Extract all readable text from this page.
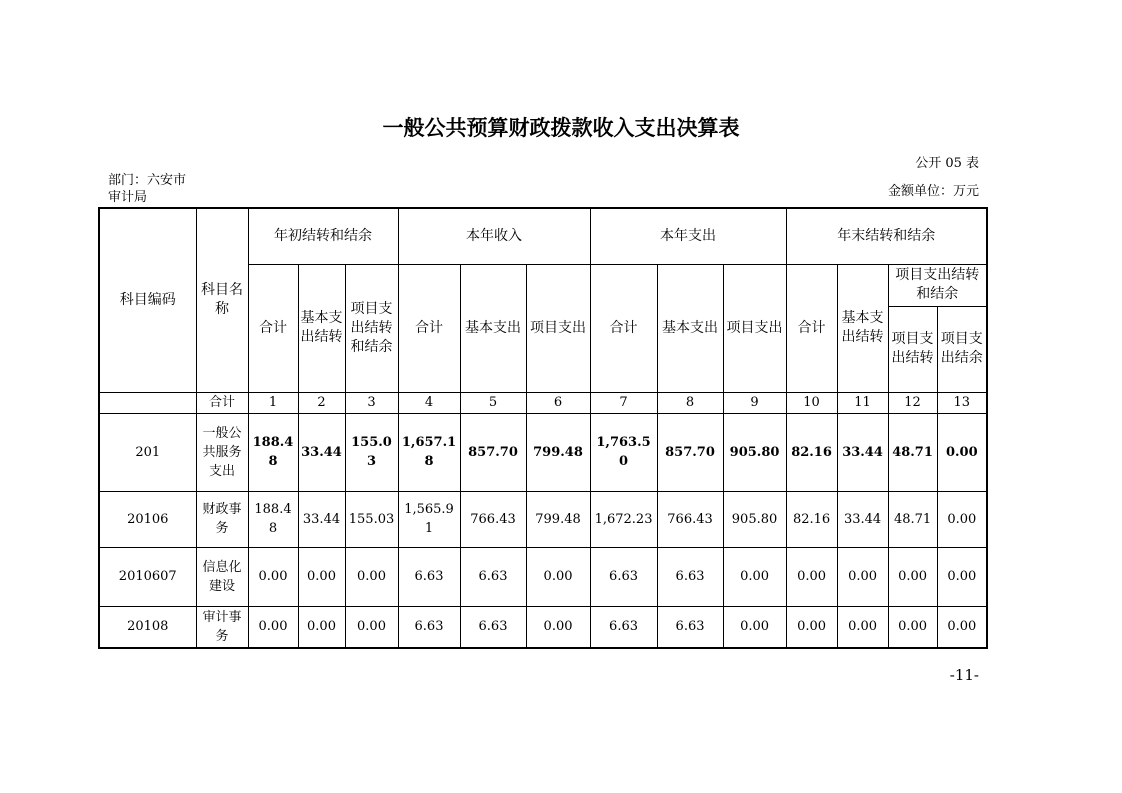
一般公共预算财政拨款收入支出决算表
公开 05 表
部门：六安市审计局	金额单位：万元
科目编码	科目名称	年初结转和结余			本年收入			本年支出			年末结转和结余			
		合计	基本支出结转	项目支出结转和结余	合计	基本支出	项目支出	合计	基本支出	项目支出	合计	基本支出结转	项目支出结转和结余	
													项目支出结转	项目支出结余
	合计	1	2	3	4	5	6	7	8	9	10	11	12	13
201	一般公共服务支出	188.48	33.44	155.03	1,657.18	857.70	799.48	1,763.50	857.70	905.80	82.16	33.44	48.71	0.00
20106	财政事务	188.48	33.44	155.03	1,565.91	766.43	799.48	1,672.23	766.43	905.80	82.16	33.44	48.71	0.00
2010607	信息化建设	0.00	0.00	0.00	6.63	6.63	0.00	6.63	6.63	0.00	0.00	0.00	0.00	0.00
20108	审计事务	0.00	0.00	0.00	6.63	6.63	0.00	6.63	6.63	0.00	0.00	0.00	0.00	0.00
-11-
